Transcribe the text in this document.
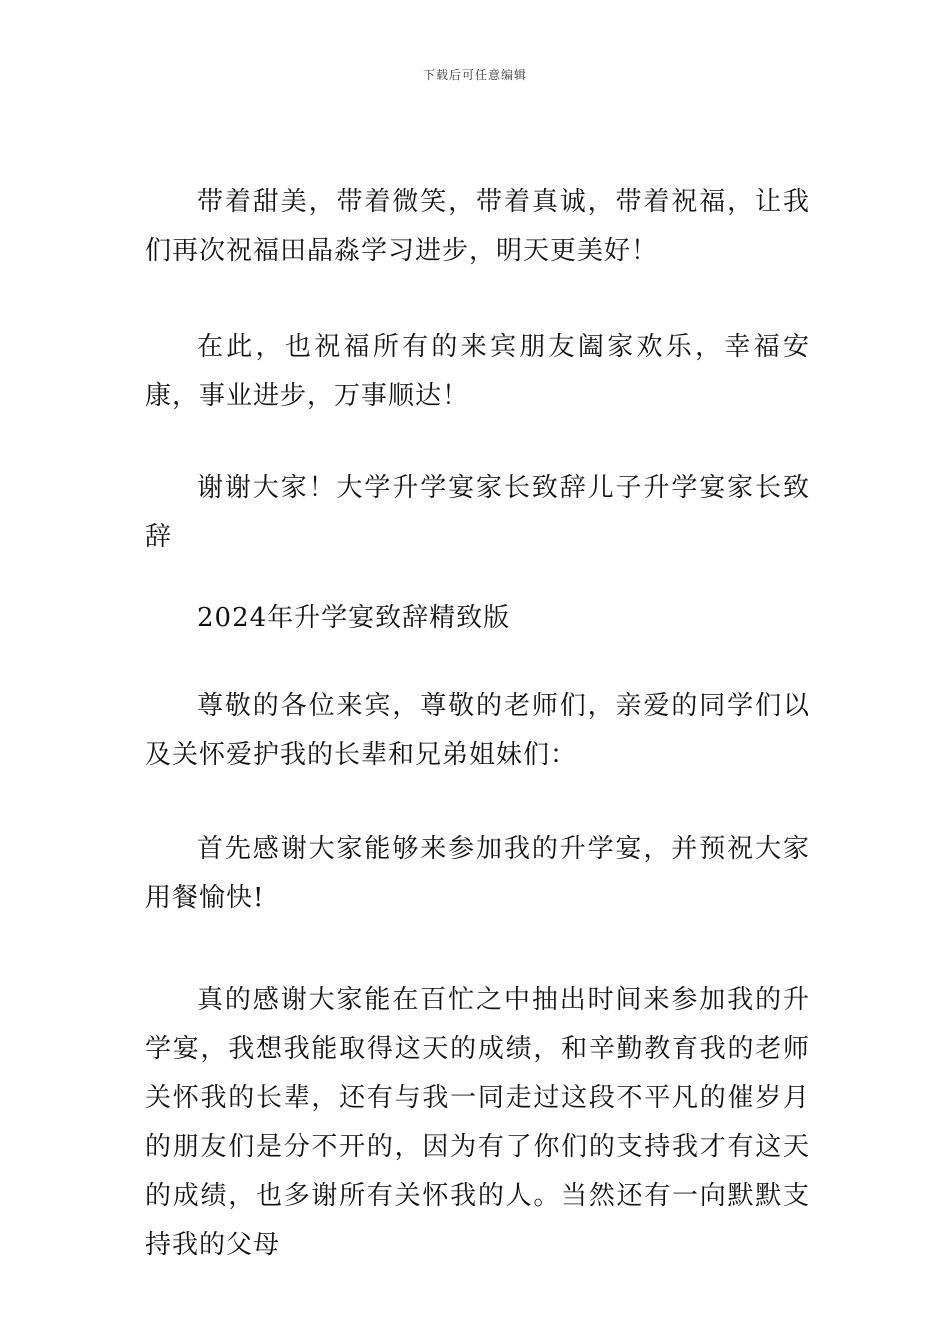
下载后可任意编辑

带着甜美，带着微笑，带着真诚，带着祝福，让我们再次祝福田晶淼学习进步，明天更美好！

在此，也祝福所有的来宾朋友阖家欢乐，幸福安康，事业进步，万事顺达！

谢谢大家！大学升学宴家长致辞儿子升学宴家长致辞

2024年升学宴致辞精致版

尊敬的各位来宾，尊敬的老师们，亲爱的同学们以及关怀爱护我的长辈和兄弟姐妹们：

首先感谢大家能够来参加我的升学宴，并预祝大家用餐愉快!

真的感谢大家能在百忙之中抽出时间来参加我的升学宴，我想我能取得这天的成绩，和辛勤教育我的老师关怀我的长辈，还有与我一同走过这段不平凡的催岁月的朋友们是分不开的，因为有了你们的支持我才有这天的成绩，也多谢所有关怀我的人。当然还有一向默默支持我的父母
